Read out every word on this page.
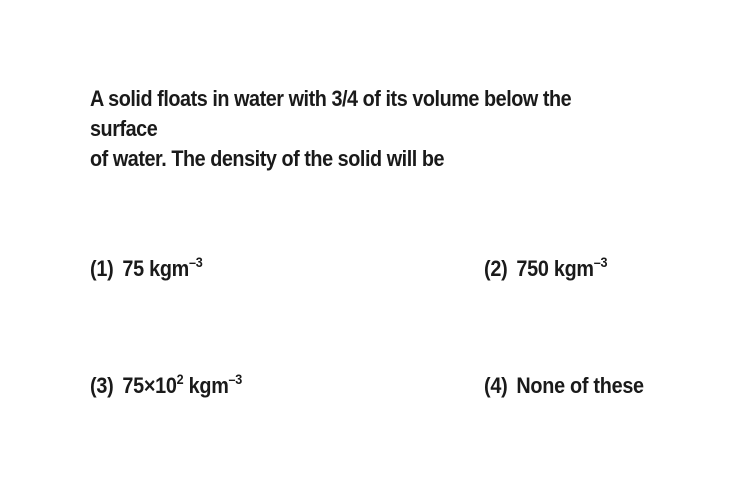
A solid floats in water with 3/4 of its volume below the surface
of water. The density of the solid will be
(1) 75 kgm$^{-3}$	(2) 750 kgm$^{-3}$
(3) $75\times 10^2$ kgm$^{-3}$	(4) None of these
